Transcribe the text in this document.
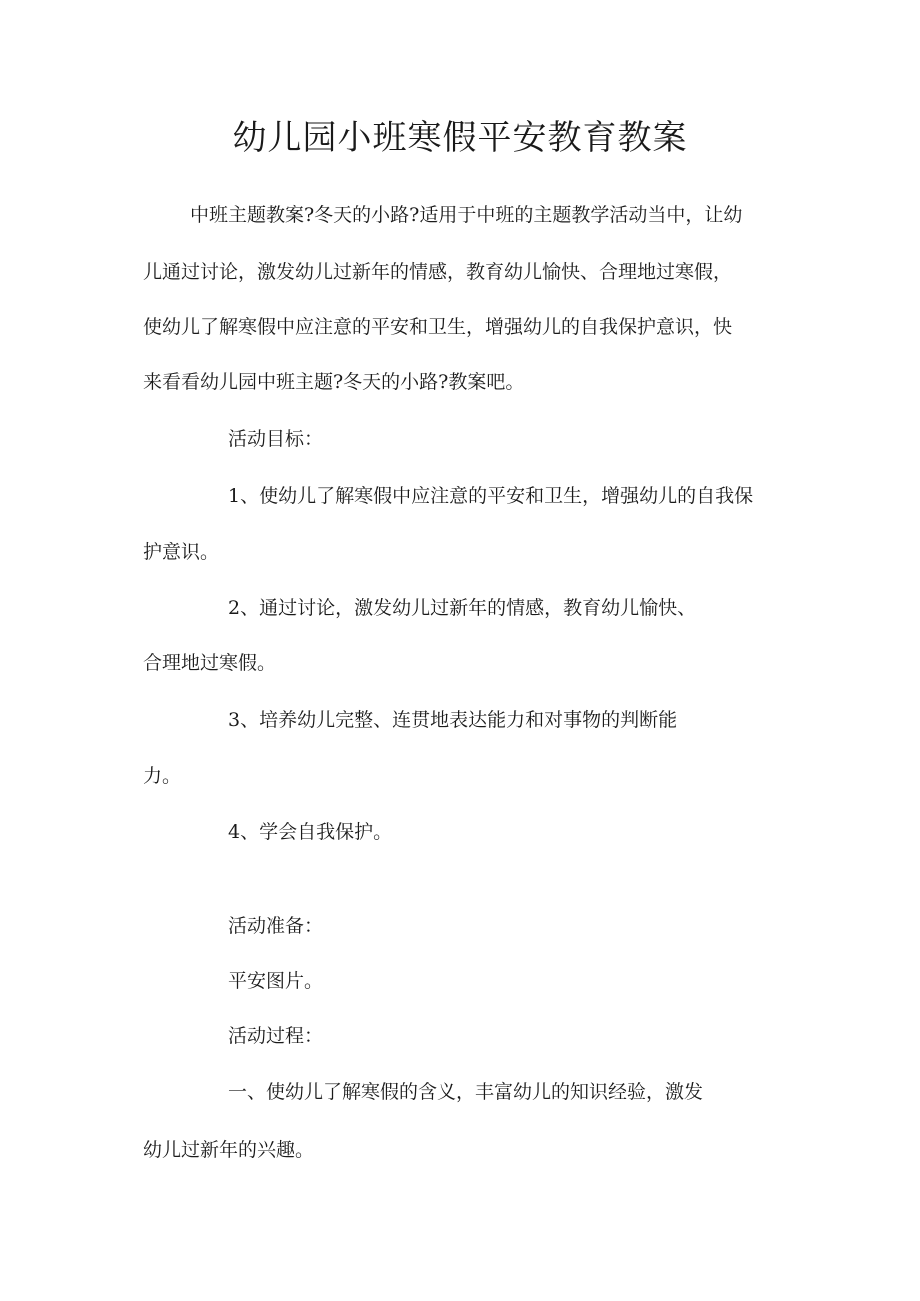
幼儿园小班寒假平安教育教案

中班主题教案?冬天的小路?适用于中班的主题教学活动当中，让幼

儿通过讨论，激发幼儿过新年的情感，教育幼儿愉快、合理地过寒假，

使幼儿了解寒假中应注意的平安和卫生，增强幼儿的自我保护意识，快

来看看幼儿园中班主题?冬天的小路?教案吧。

活动目标：

1、使幼儿了解寒假中应注意的平安和卫生，增强幼儿的自我保

护意识。

2、通过讨论，激发幼儿过新年的情感，教育幼儿愉快、

合理地过寒假。

3、培养幼儿完整、连贯地表达能力和对事物的判断能

力。

4、学会自我保护。

活动准备：

平安图片。

活动过程：

一、使幼儿了解寒假的含义，丰富幼儿的知识经验，激发

幼儿过新年的兴趣。
